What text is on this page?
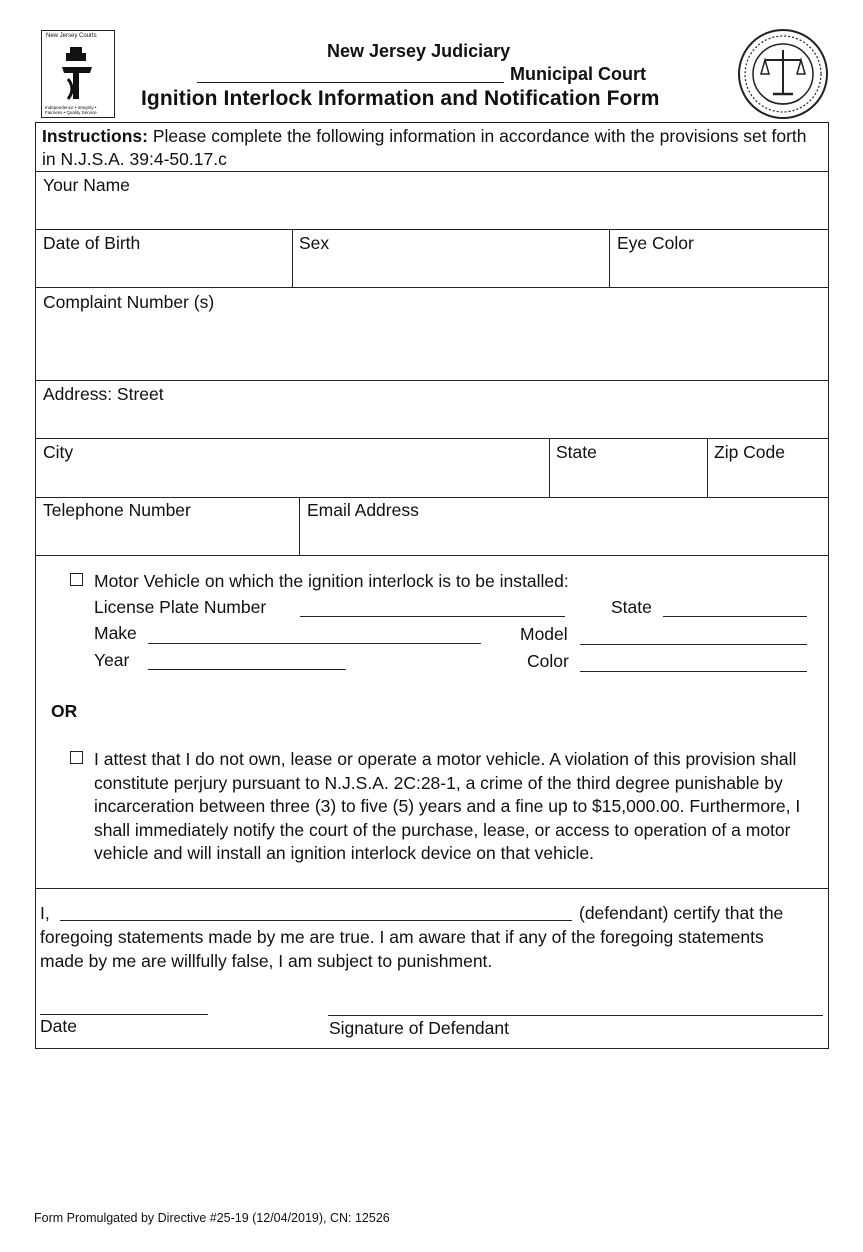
New Jersey Courts
Independence • Integrity • Fairness • Quality Service
New Jersey Judiciary
Municipal Court
Ignition Interlock Information and Notification Form
Instructions: Please complete the following information in accordance with the provisions set forth in N.J.S.A. 39:4-50.17.c
Your Name
Date of Birth	Sex	Eye Color
Complaint Number (s)
Address: Street
City	State	Zip Code
Telephone Number	Email Address
Motor Vehicle on which the ignition interlock is to be installed:
License Plate Number	State
Make	Model
Year	Color
OR
I attest that I do not own, lease or operate a motor vehicle. A violation of this provision shall constitute perjury pursuant to N.J.S.A. 2C:28-1, a crime of the third degree punishable by incarceration between three (3) to five (5) years and a fine up to $15,000.00. Furthermore, I shall immediately notify the court of the purchase, lease, or access to operation of a motor vehicle and will install an ignition interlock device on that vehicle.
I,	(defendant) certify that the
foregoing statements made by me are true. I am aware that if any of the foregoing statements made by me are willfully false, I am subject to punishment.
Date	Signature of Defendant
Form Promulgated by Directive #25-19 (12/04/2019), CN: 12526
